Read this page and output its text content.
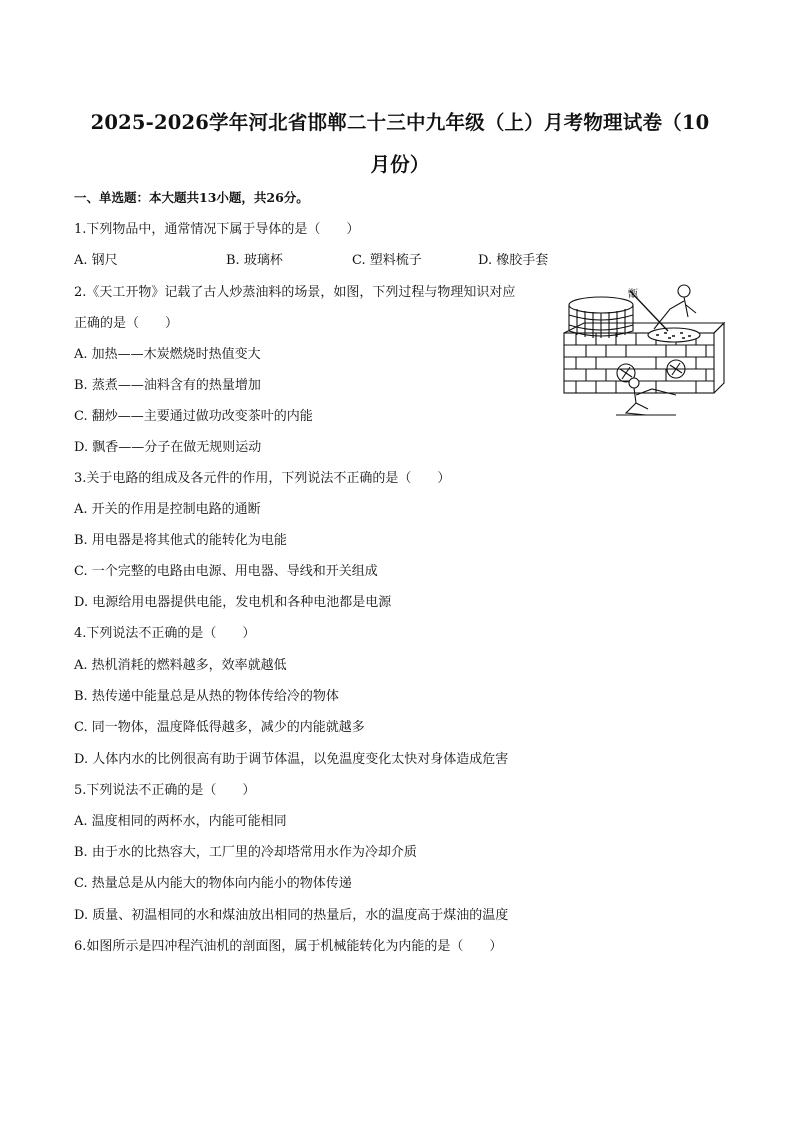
2025-2026学年河北省邯郸二十三中九年级（上）月考物理试卷（10
月份）
一、单选题：本大题共13小题，共26分。
1.下列物品中，通常情况下属于导体的是（　　）
A. 钢尺	B. 玻璃杯	C. 塑料梳子	D. 橡胶手套
2.《天工开物》记载了古人炒蒸油料的场景，如图，下列过程与物理知识对应
正确的是（　　）
A. 加热——木炭燃烧时热值变大
B. 蒸煮——油料含有的热量增加
C. 翻炒——主要通过做功改变茶叶的内能
D. 飘香——分子在做无规则运动
甑
3.关于电路的组成及各元件的作用，下列说法不正确的是（　　）
A. 开关的作用是控制电路的通断
B. 用电器是将其他式的能转化为电能
C. 一个完整的电路由电源、用电器、导线和开关组成
D. 电源给用电器提供电能，发电机和各种电池都是电源
4.下列说法不正确的是（　　）
A. 热机消耗的燃料越多，效率就越低
B. 热传递中能量总是从热的物体传给冷的物体
C. 同一物体，温度降低得越多，减少的内能就越多
D. 人体内水的比例很高有助于调节体温，以免温度变化太快对身体造成危害
5.下列说法不正确的是（　　）
A. 温度相同的两杯水，内能可能相同
B. 由于水的比热容大，工厂里的冷却塔常用水作为冷却介质
C. 热量总是从内能大的物体向内能小的物体传递
D. 质量、初温相同的水和煤油放出相同的热量后，水的温度高于煤油的温度
6.如图所示是四冲程汽油机的剖面图，属于机械能转化为内能的是（　　）
